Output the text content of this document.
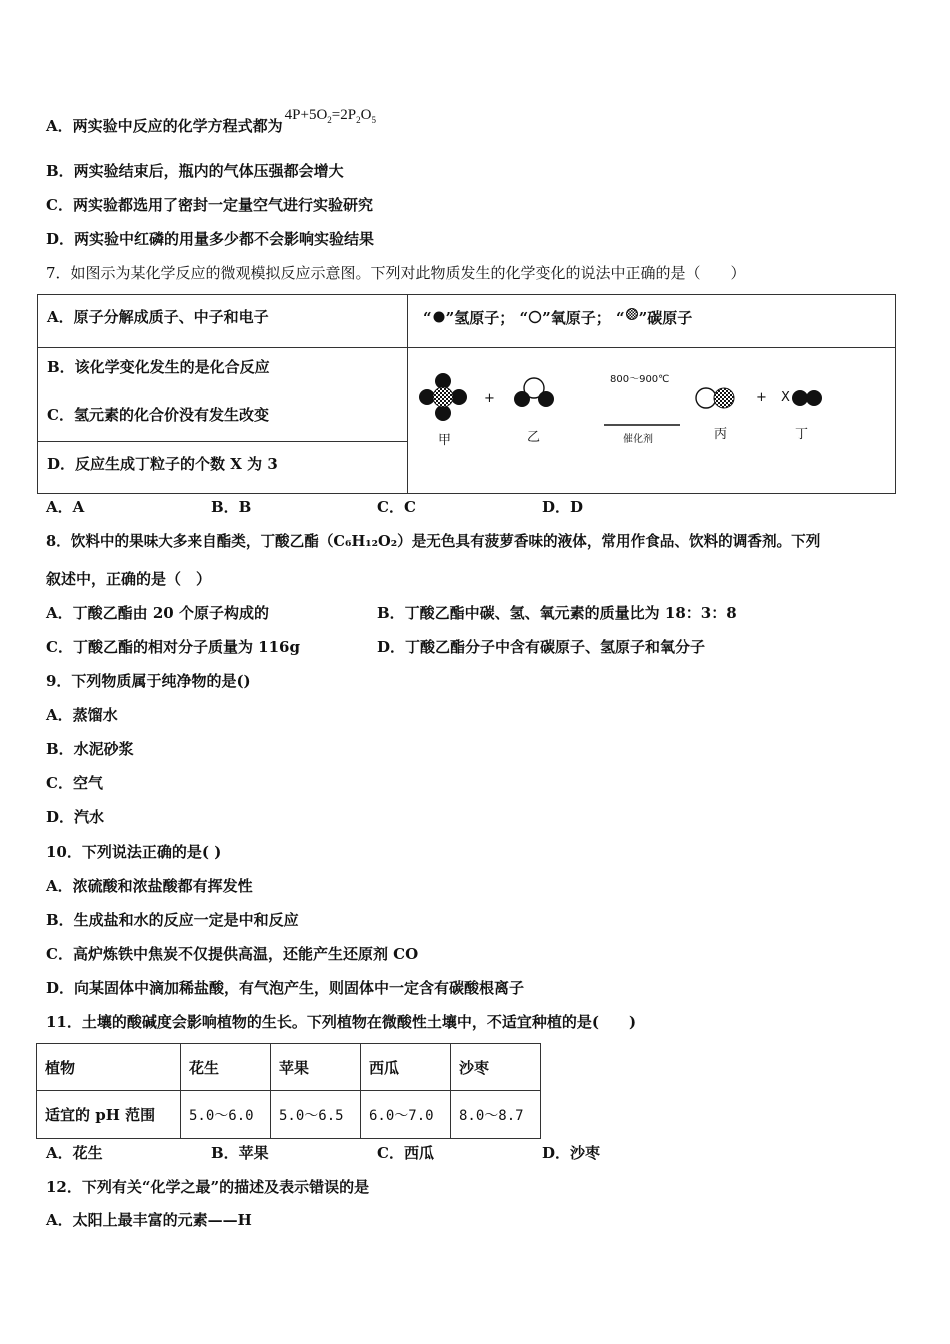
A．两实验中反应的化学方程式都为$4P+5O_2=2P_2O_5$
B．两实验结束后，瓶内的气体压强都会增大
C．两实验都选用了密封一定量空气进行实验研究
D．两实验中红磷的用量多少都不会影响实验结果
7．如图示为某化学反应的微观模拟反应示意图。下列对此物质发生的化学变化的说法中正确的是（　　）
A．原子分解成质子、中子和电子
B．该化学变化发生的是化合反应
C．氢元素的化合价没有发生改变
D．反应生成丁粒子的个数 X 为 3
“ ”氢原子； “ ”氧原子； “ ”碳原子
甲
+
乙
800～900℃
催化剂	丙
+ X
丁
A．A	B．B	C．C	D．D
8．饮料中的果味大多来自酯类，丁酸乙酯（C₆H₁₂O₂）是无色具有菠萝香味的液体，常用作食品、饮料的调香剂。下列
叙述中，正确的是（　）
A．丁酸乙酯由 20 个原子构成的	B．丁酸乙酯中碳、氢、氧元素的质量比为 18：3：8
C．丁酸乙酯的相对分子质量为 116g	D．丁酸乙酯分子中含有碳原子、氢原子和氧分子
9．下列物质属于纯净物的是()
A．蒸馏水
B．水泥砂浆
C．空气
D．汽水
10．下列说法正确的是( )
A．浓硫酸和浓盐酸都有挥发性
B．生成盐和水的反应一定是中和反应
C．高炉炼铁中焦炭不仅提供高温，还能产生还原剂 CO
D．向某固体中滴加稀盐酸，有气泡产生，则固体中一定含有碳酸根离子
11．土壤的酸碱度会影响植物的生长。下列植物在微酸性土壤中，不适宜种植的是(　　)
植物	花生	苹果	西瓜	沙枣
适宜的 pH 范围	5.0～6.0	5.0～6.5	6.0～7.0	8.0～8.7
A．花生	B．苹果	C．西瓜	D．沙枣
12．下列有关“化学之最”的描述及表示错误的是
A．太阳上最丰富的元素——H
